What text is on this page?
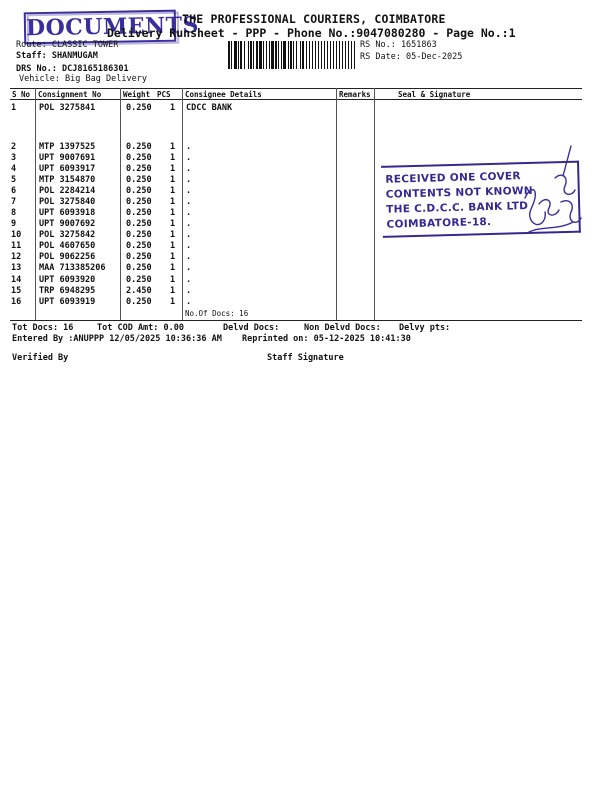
DOCUMENTS
THE PROFESSIONAL COURIERS, COIMBATORE
Delivery Runsheet - PPP - Phone No.:9047080280 - Page No.:1
Route: CLASSIC TOWER
Staff: SHANMUGAM
DRS No.: DCJ8165186301
Vehicle: Big Bag Delivery
RS No.: 1651863
RS Date: 05-Dec-2025
S No Consignment No	Weight PCS Consignee Details	Remarks	Seal & Signature
1	POL 3275841	0.250 1 CDCC BANK
2	MTP 1397525	0.250 1 .
3	UPT 9007691	0.250 1 .
4	UPT 6093917	0.250 1 .
5	MTP 3154870	0.250 1 .
6	POL 2284214	0.250 1 .
7	POL 3275840	0.250 1 .
8	UPT 6093918	0.250 1 .
9	UPT 9007692	0.250 1 .
10 POL 3275842	0.250 1 .
11 POL 4607650	0.250 1 .
12 POL 9062256	0.250 1 .
13 MAA 713385206 0.250 1 .
14 UPT 6093920	0.250 1 .
15 TRP 6948295	2.450 1 .
16 UPT 6093919	0.250 1 .
No.Of Docs: 16
RECEIVED ONE COVER
CONTENTS NOT KNOWN
THE C.D.C.C. BANK LTD
COIMBATORE-18.
Tot Docs: 16	Tot COD Amt: 0.00	Delvd Docs:	Non Delvd Docs: Delvy pts:
Entered By :ANUPPP 12/05/2025 10:36:36 AM Reprinted on: 05-12-2025 10:41:30
Verified By	Staff Signature
